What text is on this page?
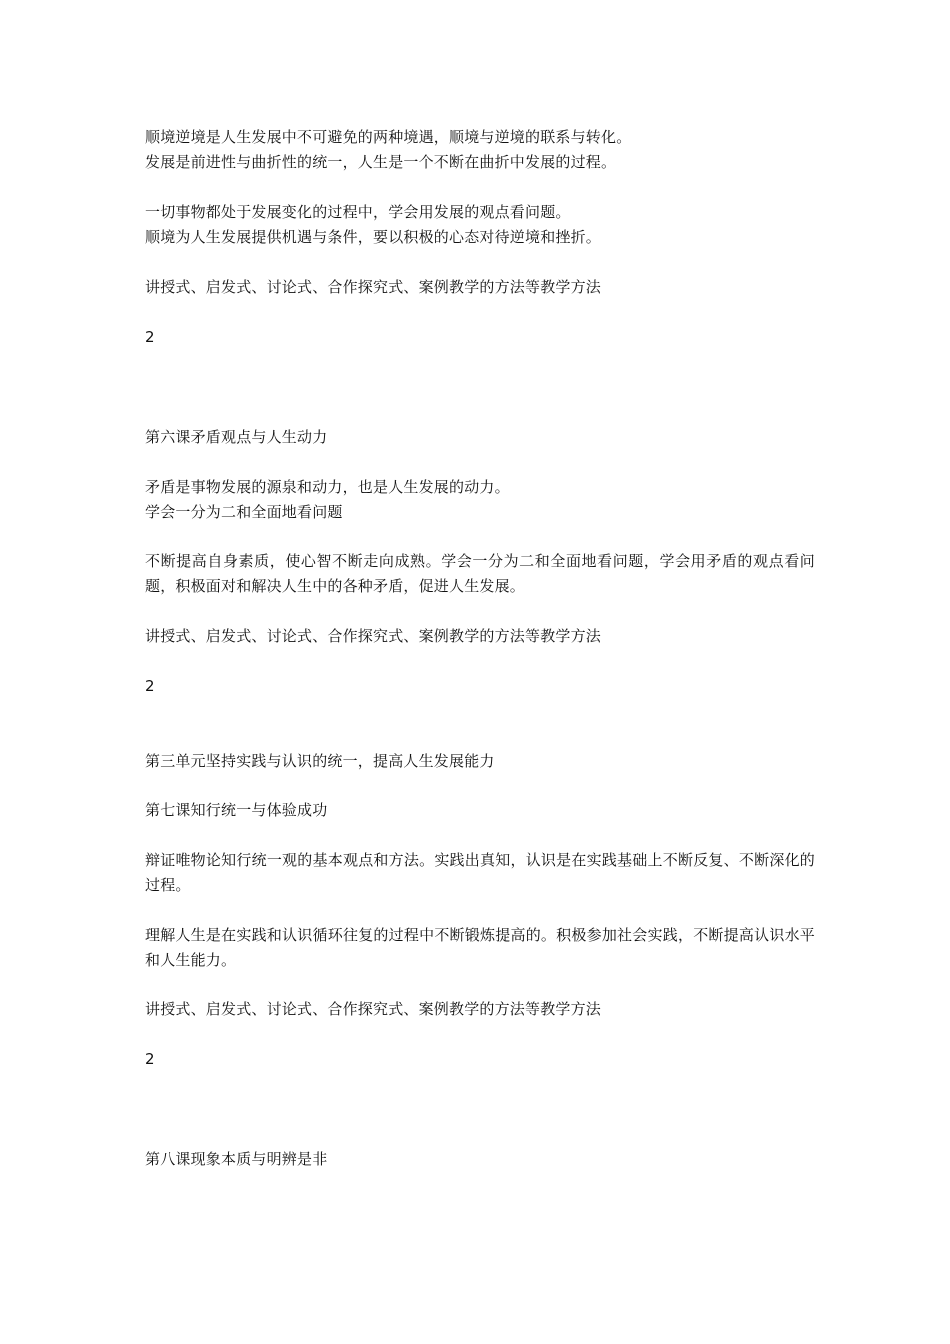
顺境逆境是人生发展中不可避免的两种境遇，顺境与逆境的联系与转化。
发展是前进性与曲折性的统一，人生是一个不断在曲折中发展的过程。
一切事物都处于发展变化的过程中，学会用发展的观点看问题。
顺境为人生发展提供机遇与条件，要以积极的心态对待逆境和挫折。
讲授式、启发式、讨论式、合作探究式、案例教学的方法等教学方法
2
第六课矛盾观点与人生动力
矛盾是事物发展的源泉和动力，也是人生发展的动力。
学会一分为二和全面地看问题
不断提高自身素质，使心智不断走向成熟。学会一分为二和全面地看问题，学会用矛盾的观点看问题，积极面对和解决人生中的各种矛盾，促进人生发展。
讲授式、启发式、讨论式、合作探究式、案例教学的方法等教学方法
2
第三单元坚持实践与认识的统一，提高人生发展能力
第七课知行统一与体验成功
辩证唯物论知行统一观的基本观点和方法。实践出真知，认识是在实践基础上不断反复、不断深化的过程。
理解人生是在实践和认识循环往复的过程中不断锻炼提高的。积极参加社会实践，不断提高认识水平和人生能力。
讲授式、启发式、讨论式、合作探究式、案例教学的方法等教学方法
2
第八课现象本质与明辨是非
